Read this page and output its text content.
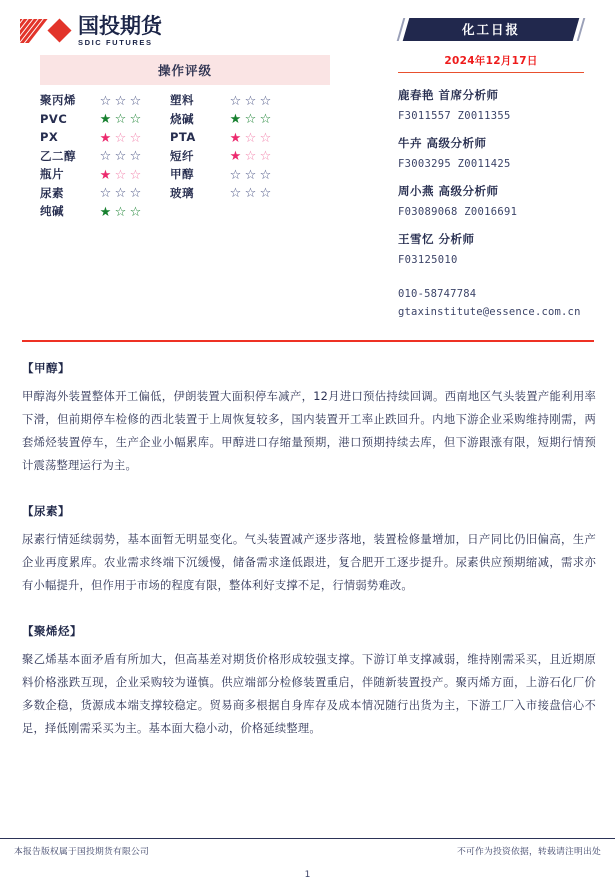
国投期货
SDIC FUTURES
操作评级
聚丙烯	☆ ☆ ☆	塑料	☆ ☆ ☆
PVC	★ ☆ ☆	烧碱	★ ☆ ☆
PX	★ ☆ ☆	PTA	★ ☆ ☆
乙二醇	☆ ☆ ☆	短纤	★ ☆ ☆
瓶片	★ ☆ ☆	甲醇	☆ ☆ ☆
尿素	☆ ☆ ☆	玻璃	☆ ☆ ☆
纯碱	★ ☆ ☆
化工日报
2024年12月17日
鹿春艳 首席分析师
F3011557 Z0011355
牛卉 高级分析师
F3003295 Z0011425
周小燕 高级分析师
F03089068 Z0016691
王雪忆 分析师
F03125010
010-58747784
gtaxinstitute@essence.com.cn
【甲醇】
甲醇海外装置整体开工偏低，伊朗装置大面积停车减产，12月进口预估持续回调。西南地区气头装置产能利用率下滑，但前期停车检修的西北装置于上周恢复较多，国内装置开工率止跌回升。内地下游企业采购维持刚需，两套烯烃装置停车，生产企业小幅累库。甲醇进口存缩量预期，港口预期持续去库，但下游跟涨有限，短期行情预计震荡整理运行为主。
【尿素】
尿素行情延续弱势，基本面暂无明显变化。气头装置减产逐步落地，装置检修量增加，日产同比仍旧偏高，生产企业再度累库。农业需求终端下沉缓慢，储备需求逢低跟进，复合肥开工逐步提升。尿素供应预期缩减，需求亦有小幅提升，但作用于市场的程度有限，整体利好支撑不足，行情弱势难改。
【聚烯烃】
聚乙烯基本面矛盾有所加大，但高基差对期货价格形成较强支撑。下游订单支撑减弱，维持刚需采买，且近期原料价格涨跌互现，企业采购较为谨慎。供应端部分检修装置重启，伴随新装置投产。聚丙烯方面，上游石化厂价多数企稳，货源成本端支撑较稳定。贸易商多根据自身库存及成本情况随行出货为主，下游工厂入市接盘信心不足，择低刚需采买为主。基本面大稳小动，价格延续整理。
本报告版权属于国投期货有限公司	不可作为投资依据，转载请注明出处
1
